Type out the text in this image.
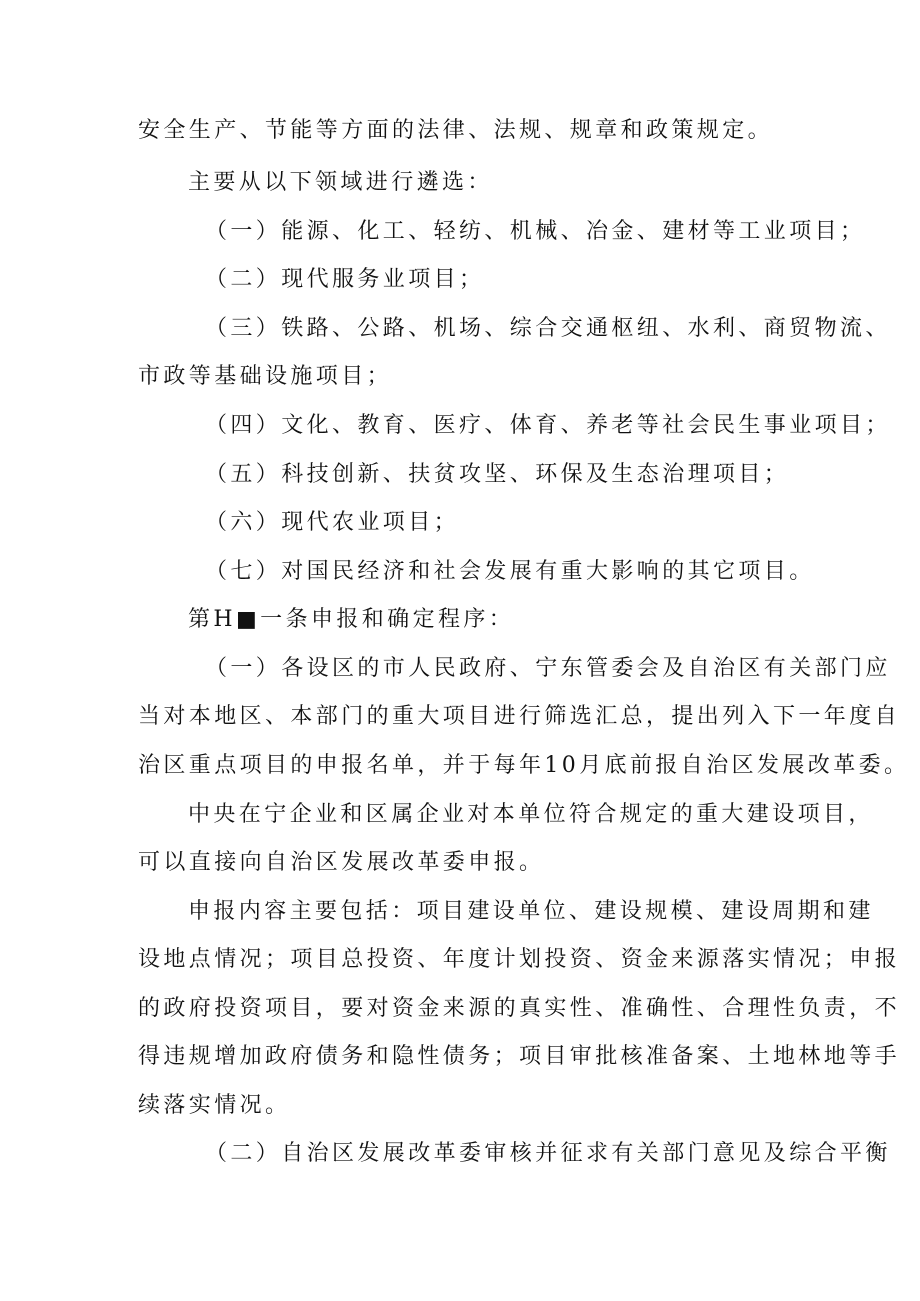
安全生产、节能等方面的法律、法规、规章和政策规定。
主要从以下领域进行遴选：
（一）能源、化工、轻纺、机械、冶金、建材等工业项目；
（二）现代服务业项目；
（三）铁路、公路、机场、综合交通枢纽、水利、商贸物流、
市政等基础设施项目；
（四）文化、教育、医疗、体育、养老等社会民生事业项目；
（五）科技创新、扶贫攻坚、环保及生态治理项目；
（六）现代农业项目；
（七）对国民经济和社会发展有重大影响的其它项目。
第H■一条申报和确定程序：
（一）各设区的市人民政府、宁东管委会及自治区有关部门应
当对本地区、本部门的重大项目进行筛选汇总，提出列入下一年度自
治区重点项目的申报名单，并于每年10月底前报自治区发展改革委。
中央在宁企业和区属企业对本单位符合规定的重大建设项目，
可以直接向自治区发展改革委申报。
申报内容主要包括：项目建设单位、建设规模、建设周期和建
设地点情况；项目总投资、年度计划投资、资金来源落实情况；申报
的政府投资项目，要对资金来源的真实性、准确性、合理性负责，不
得违规增加政府债务和隐性债务；项目审批核准备案、土地林地等手
续落实情况。
（二）自治区发展改革委审核并征求有关部门意见及综合平衡
